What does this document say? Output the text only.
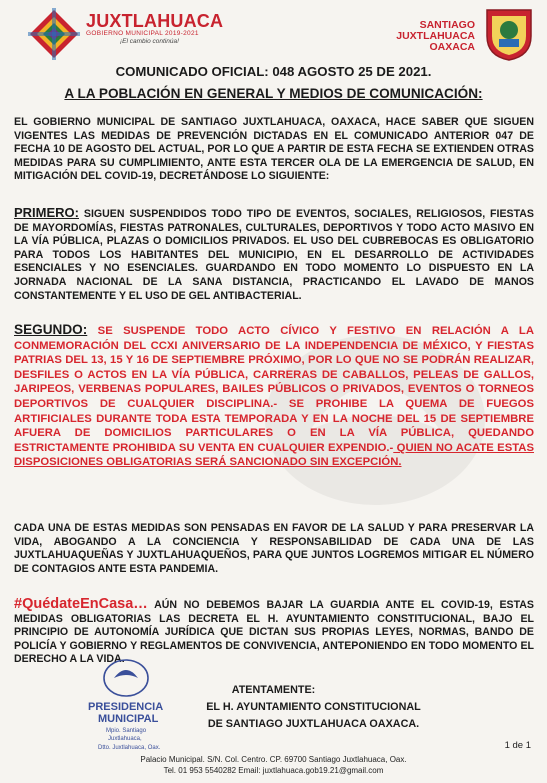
JUXTLAHUACA
GOBIERNO MUNICIPAL 2019-2021
¡El cambio continúa!
SANTIAGO
JUXTLAHUACA
OAXACA
COMUNICADO OFICIAL: 048 AGOSTO 25 DE 2021.
A LA POBLACIÓN EN GENERAL Y MEDIOS DE COMUNICACIÓN:
EL GOBIERNO MUNICIPAL DE SANTIAGO JUXTLAHUACA, OAXACA, HACE SABER QUE SIGUEN VIGENTES LAS MEDIDAS DE PREVENCIÓN DICTADAS EN EL COMUNICADO ANTERIOR 047 DE FECHA 10 DE AGOSTO DEL ACTUAL, POR LO QUE A PARTIR DE ESTA FECHA SE EXTIENDEN OTRAS MEDIDAS PARA SU CUMPLIMIENTO, ANTE ESTA TERCER OLA DE LA EMERGENCIA DE SALUD, EN MITIGACIÓN DEL COVID-19, DECRETÁNDOSE LO SIGUIENTE:
PRIMERO: SIGUEN SUSPENDIDOS TODO TIPO DE EVENTOS, SOCIALES, RELIGIOSOS, FIESTAS DE MAYORDOMÍAS, FIESTAS PATRONALES, CULTURALES, DEPORTIVOS Y TODO ACTO MASIVO EN LA VÍA PÚBLICA, PLAZAS O DOMICILIOS PRIVADOS. EL USO DEL CUBREBOCAS ES OBLIGATORIO PARA TODOS LOS HABITANTES DEL MUNICIPIO, EN EL DESARROLLO DE ACTIVIDADES ESENCIALES Y NO ESENCIALES. GUARDANDO EN TODO MOMENTO LO DISPUESTO EN LA JORNADA NACIONAL DE LA SANA DISTANCIA, PRACTICANDO EL LAVADO DE MANOS CONSTANTEMENTE Y EL USO DE GEL ANTIBACTERIAL.
SEGUNDO: SE SUSPENDE TODO ACTO CÍVICO Y FESTIVO EN RELACIÓN A LA CONMEMORACIÓN DEL CCXI ANIVERSARIO DE LA INDEPENDENCIA DE MÉXICO, Y FIESTAS PATRIAS DEL 13, 15 Y 16 DE SEPTIEMBRE PRÓXIMO, POR LO QUE NO SE PODRÁN REALIZAR, DESFILES O ACTOS EN LA VÍA PÚBLICA, CARRERAS DE CABALLOS, PELEAS DE GALLOS, JARIPEOS, VERBENAS POPULARES, BAILES PÚBLICOS O PRIVADOS, EVENTOS O TORNEOS DEPORTIVOS DE CUALQUIER DISCIPLINA.- SE PROHIBE LA QUEMA DE FUEGOS ARTIFICIALES DURANTE TODA ESTA TEMPORADA Y EN LA NOCHE DEL 15 DE SEPTIEMBRE AFUERA DE DOMICILIOS PARTICULARES O EN LA VÍA PÚBLICA, QUEDANDO ESTRICTAMENTE PROHIBIDA SU VENTA EN CUALQUIER EXPENDIO.- QUIEN NO ACATE ESTAS DISPOSICIONES OBLIGATORIAS SERÁ SANCIONADO SIN EXCEPCIÓN.
CADA UNA DE ESTAS MEDIDAS SON PENSADAS EN FAVOR DE LA SALUD Y PARA PRESERVAR LA VIDA, ABOGANDO A LA CONCIENCIA Y RESPONSABILIDAD DE CADA UNA DE LAS JUXTLAHUAQUEÑAS Y JUXTLAHUAQUEÑOS, PARA QUE JUNTOS LOGREMOS MITIGAR EL NÚMERO DE CONTAGIOS ANTE ESTA PANDEMIA.
#QuédateEnCasa… AÚN NO DEBEMOS BAJAR LA GUARDIA ANTE EL COVID-19, ESTAS MEDIDAS OBLIGATORIAS LAS DECRETA EL H. AYUNTAMIENTO CONSTITUCIONAL, BAJO EL PRINCIPIO DE AUTONOMÍA JURÍDICA QUE DICTAN SUS PROPIAS LEYES, NORMAS, BANDO DE POLICÍA Y GOBIERNO Y REGLAMENTOS DE CONVIVENCIA, ANTEPONIENDO EN TODO MOMENTO EL DERECHO A LA VIDA.
PRESIDENCIA
MUNICIPAL
Mpio. Santiago
Juxtlahuaca,
Dtto. Juxtlahuaca, Oax.
ATENTAMENTE:
EL H. AYUNTAMIENTO CONSTITUCIONAL
DE SANTIAGO JUXTLAHUACA OAXACA.
1 de 1
Palacio Municipal. S/N. Col. Centro. CP. 69700 Santiago Juxtlahuaca, Oax.
Tel. 01 953 5540282 Email: juxtlahuaca.gob19.21@gmail.com
